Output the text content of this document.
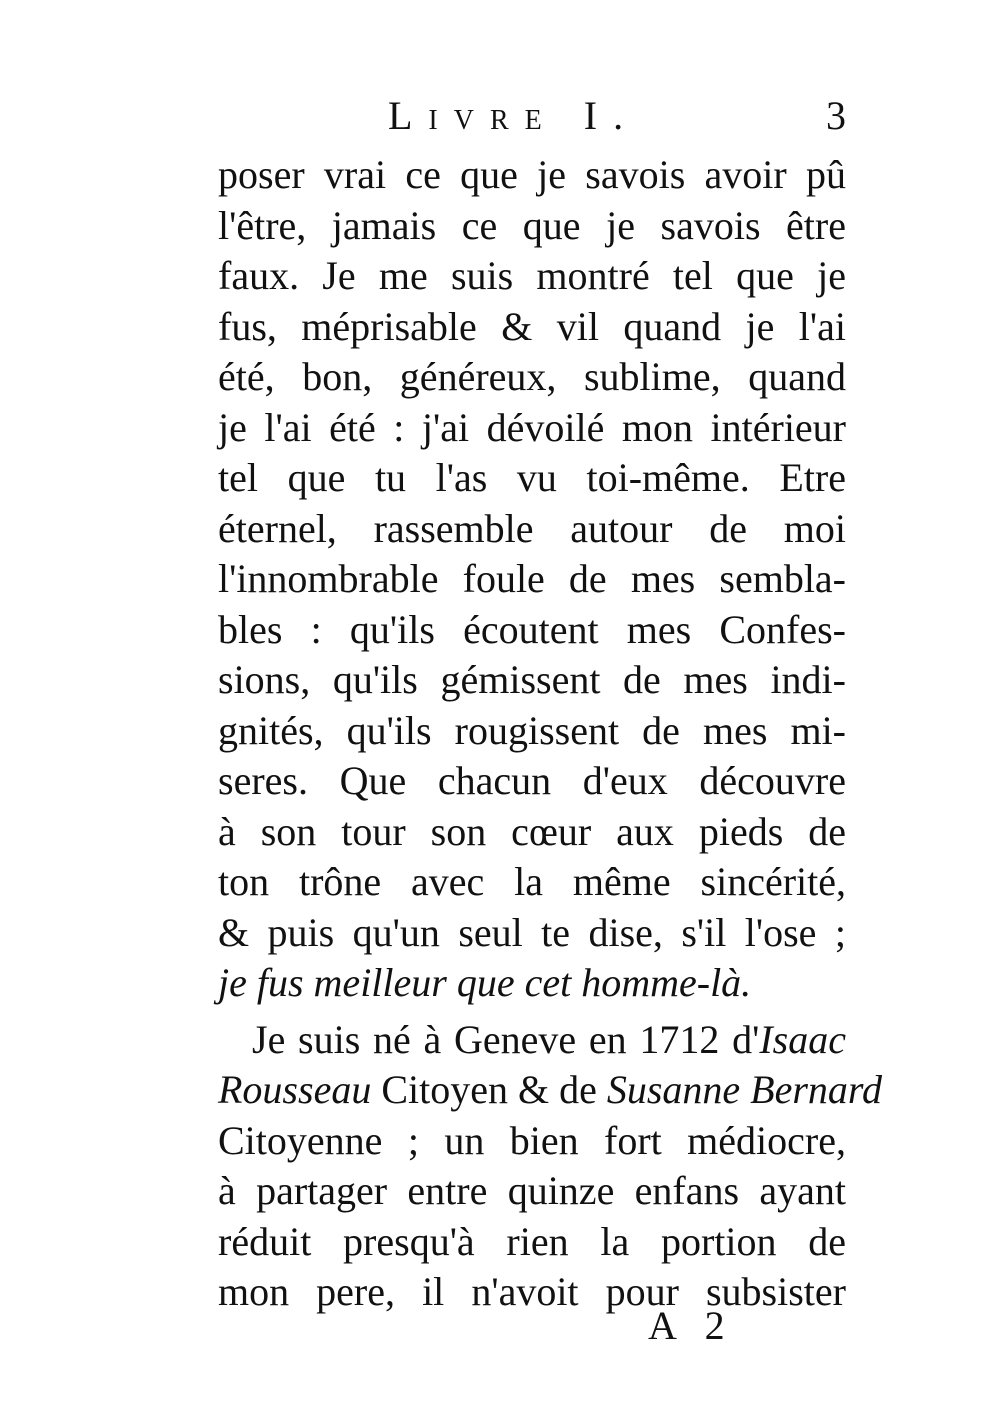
Livre I.	3
poser vrai ce que je savois avoir pû
l'être, jamais ce que je savois être
faux. Je me suis montré tel que je
fus, méprisable & vil quand je l'ai
été, bon, généreux, sublime, quand
je l'ai été : j'ai dévoilé mon intérieur
tel que tu l'as vu toi-même. Etre
éternel, rassemble autour de moi
l'innombrable foule de mes sembla-
bles : qu'ils écoutent mes Confes-
sions, qu'ils gémissent de mes indi-
gnités, qu'ils rougissent de mes mi-
seres. Que chacun d'eux découvre
à son tour son cœur aux pieds de
ton trône avec la même sincérité,
& puis qu'un seul te dise, s'il l'ose ;
je fus meilleur que cet homme-là.
Je suis né à Geneve en 1712 d'Isaac
Rousseau Citoyen & de Susanne Bernard
Citoyenne ; un bien fort médiocre,
à partager entre quinze enfans ayant
réduit presqu'à rien la portion de
mon pere, il n'avoit pour subsister
A 2
